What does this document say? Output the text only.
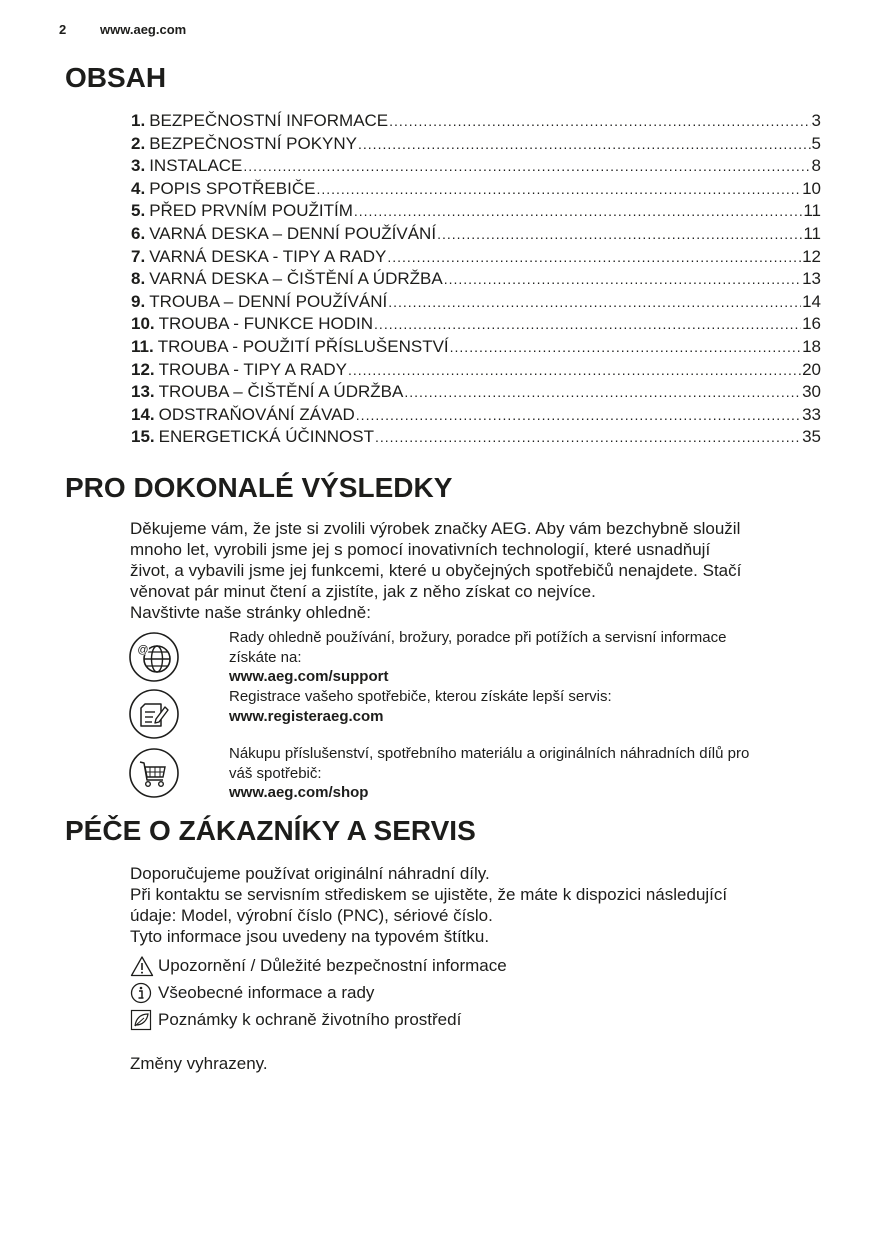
2	www.aeg.com
OBSAH
1. BEZPEČNOSTNÍ INFORMACE .....	3
2. BEZPEČNOSTNÍ POKYNY .....	5
3. INSTALACE .....	8
4. POPIS SPOTŘEBIČE .....	10
5. PŘED PRVNÍM POUŽITÍM .....	11
6. VARNÁ DESKA – DENNÍ POUŽÍVÁNÍ .....	11
7. VARNÁ DESKA - TIPY A RADY .....	12
8. VARNÁ DESKA – ČIŠTĚNÍ A ÚDRŽBA .....	13
9. TROUBA – DENNÍ POUŽÍVÁNÍ .....	14
10. TROUBA - FUNKCE HODIN .....	16
11. TROUBA - POUŽITÍ PŘÍSLUŠENSTVÍ .....	18
12. TROUBA - TIPY A RADY .....	20
13. TROUBA – ČIŠTĚNÍ A ÚDRŽBA .....	30
14. ODSTRAŇOVÁNÍ ZÁVAD .....	33
15. ENERGETICKÁ ÚČINNOST .....	35
PRO DOKONALÉ VÝSLEDKY
Děkujeme vám, že jste si zvolili výrobek značky AEG. Aby vám bezchybně sloužil
mnoho let, vyrobili jsme jej s pomocí inovativních technologií, které usnadňují
život, a vybavili jsme jej funkcemi, které u obyčejných spotřebičů nenajdete. Stačí
věnovat pár minut čtení a zjistíte, jak z něho získat co nejvíce.
Navštivte naše stránky ohledně:
@
Rady ohledně používání, brožury, poradce při potížích a servisní informace
získáte na:
www.aeg.com/support
Registrace vašeho spotřebiče, kterou získáte lepší servis:
www.registeraeg.com
Nákupu příslušenství, spotřebního materiálu a originálních náhradních dílů pro
váš spotřebič:
www.aeg.com/shop
PÉČE O ZÁKAZNÍKY A SERVIS
Doporučujeme používat originální náhradní díly.
Při kontaktu se servisním střediskem se ujistěte, že máte k dispozici následující
údaje: Model, výrobní číslo (PNC), sériové číslo.
Tyto informace jsou uvedeny na typovém štítku.
Upozornění / Důležité bezpečnostní informace
Všeobecné informace a rady
Poznámky k ochraně životního prostředí
Změny vyhrazeny.
